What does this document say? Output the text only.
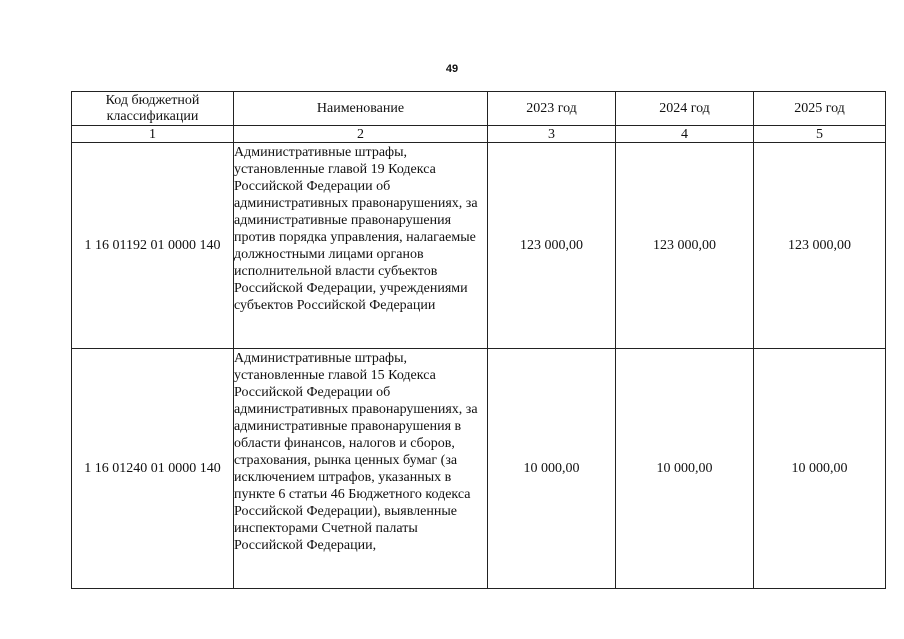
49
Код бюджетной классификации	Наименование	2023 год	2024 год	2025 год
1	2	3	4	5
1 16 01192 01 0000 140	Административные штрафы, установленные главой 19 Кодекса Российской Федерации об административных правонарушениях, за административные правонарушения против порядка управления, налагаемые должностными лицами органов исполнительной власти субъектов Российской Федерации, учреждениями субъектов Российской Федерации	123 000,00	123 000,00	123 000,00
1 16 01240 01 0000 140	Административные штрафы, установленные главой 15 Кодекса Российской Федерации об административных правонарушениях, за административные правонарушения в области финансов, налогов и сборов, страхования, рынка ценных бумаг (за исключением штрафов, указанных в пункте 6 статьи 46 Бюджетного кодекса Российской Федерации), выявленные инспекторами Счетной палаты Российской Федерации,	10 000,00	10 000,00	10 000,00
